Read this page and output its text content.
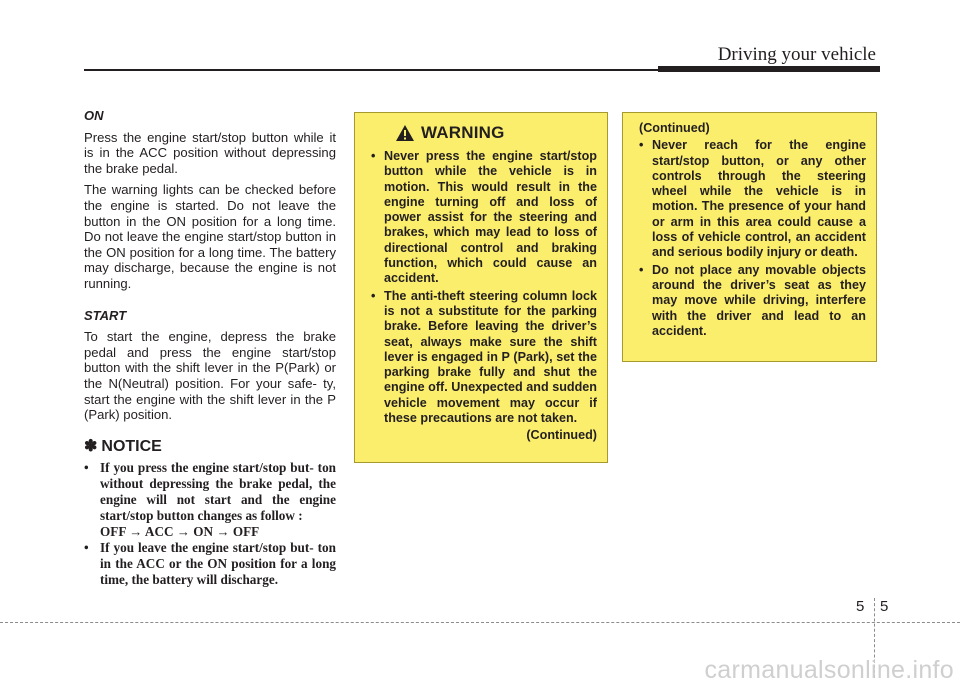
Driving your vehicle
ON

Press the engine start/stop button while it is in the ACC position without depressing the brake pedal.

The warning lights can be checked before the engine is started. Do not leave the button in the ON position for a long time. Do not leave the engine start/stop button in the ON position for a long time. The battery may discharge, because the engine is not running.

START

To start the engine, depress the brake pedal and press the engine start/stop button with the shift lever in the P(Park) or the N(Neutral) position. For your safe- ty, start the engine with the shift lever in the P (Park) position.

✽ NOTICE
• If you press the engine start/stop but- ton without depressing the brake pedal, the engine will not start and the engine start/stop button changes as follow :
OFF → ACC → ON → OFF
• If you leave the engine start/stop but- ton in the ACC or the ON position for a long time, the battery will discharge.
WARNING
• Never press the engine start/stop button while the vehicle is in motion. This would result in the engine turning off and loss of power assist for the steering and brakes, which may lead to loss of directional control and braking function, which could cause an accident.
• The anti-theft steering column lock is not a substitute for the parking brake. Before leaving the driver’s seat, always make sure the shift lever is engaged in P (Park), set the parking brake fully and shut the engine off. Unexpected and sudden vehicle movement may occur if these precautions are not taken.
(Continued)
(Continued)
• Never reach for the engine start/stop button, or any other controls through the steering wheel while the vehicle is in motion. The presence of your hand or arm in this area could cause a loss of vehicle control, an accident and serious bodily injury or death.
• Do not place any movable objects around the driver’s seat as they may move while driving, interfere with the driver and lead to an accident.
5 5
carmanualsonline.info
